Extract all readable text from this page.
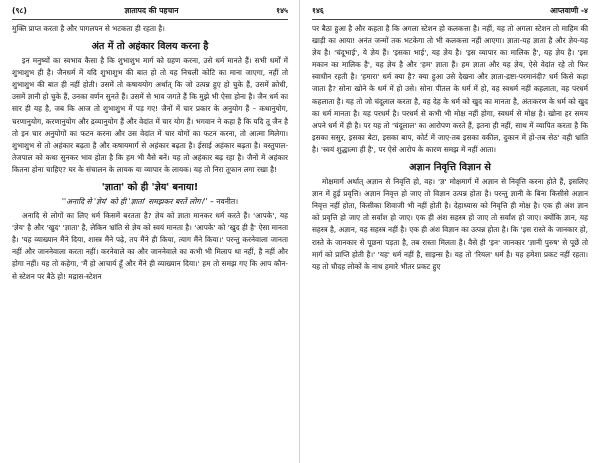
(९८)	ज्ञातापद की पहचान	१४५

मुक्ति प्राप्त करता है और पागलपन से भटकता ही रहता है।

अंत में तो अहंकार विलय करना है

इन मनुष्यों का स्वभाव कैसा है कि शुभाशुभ मार्ग को ग्रहण करना, उसे धर्म मानते हैं। सभी धर्मों में शुभाशुभ ही है। जैनधर्म में यदि शुभाशुभ की बात हो तो यह निचली कोटि का माना जाएगा, नहीं तो शुभाशुभ की बात ही नहीं होती। उसमें तो कषाययोग अर्थात् कि जो उत्पन्न हुए हो चुके हैं, उसमें क्रोधी, उसमें ज्ञानी हो चुके हैं, उनका वर्णन सुनते हैं। उसमें से भाव जगते हैं कि मुझे भी ऐसा होना है। जैन धर्म का सार ही यह है, जब कि आज तो शुभाशुभ में पड़ गए! जैनों में चार प्रकार के अनुयोग हैं – कथानुयोग, चरणानुयोग, करणानुयोग और द्रव्यानुयोग हैं और वेदांत में चार योग हैं। भगवान ने कहा है कि यदि तू जैन है तो इन चार अनुयोगों का फटन करना और उस वेदांत में चार योगों का फटन करना, तो आत्मा मिलेगा। शुभाशुभ से तो अहंकार बढ़ता है और कषायमार्ग से अहंकार बढ़ता है। ईसाई अहंकार बढ़ता है। वस्तुपाल-तेजपाल को कथा सुनकर भाव होता है कि हम भी वैसे बनें। यह तो अहंकार बढ़ रहा है। जैनों में अहंकार कितना होना चाहिए? घर के संचालन के लायक या व्यापार के लायक। यह तो निरा तूफान लगा रखा है!

'ज्ञाता' को ही 'ज्ञेय' बनाया!
''अनादि से 'ज्ञेय' को ही 'ज्ञाता' समझकर बरतें लोग।'' – नवनीत।

अनादि से लोगों का लिए धर्म किसमें बरतता है? ज्ञेय को ज्ञाता मानकर धर्म करते हैं। 'आपके', यह 'ज्ञेय' है और 'खुद' 'ज्ञाता' है, लेकिन भ्रांति से ज्ञेय को स्वयं मानता है। 'आपके' को 'खुद ही है' ऐसा मानता है। 'यह व्याख्यान मैंने दिया, शास्त्र मैंने पढ़े, तप मैंने ही किया, त्याग मैंने किया।' परन्तु करनेवाला जानता नहीं और जाननेवाला करता नहीं। करनेवाले का और जाननेवाले का कभी भी मिलाप था नहीं, है नहीं और होगा नहीं। यह तो कहेगा, 'मैं हो आचार्य हूँ और मैंने ही व्याख्यान दिया।' हम तो समझ गए कि आप कौन-से स्टेशन पर बैठे हो! मद्रास-स्टेशन

१४६	आप्तवाणी -४

पर बैठा हुआ है और कहता है कि अगला स्टेशन हो कलकत्ता है। नहीं, यह तो अगला स्टेशन तो माहिम की खाड़ी का आया! अनंत जन्मों तक भटकेगा तो भी कलकत्ता नहीं आएगा। ज्ञाता-यह ज्ञाता है और ज्ञेय-यह ज्ञेय है। 'चंदूभाई', ये ज्ञेय हैं। 'इसका भाई', यह ज्ञेय है। 'इस व्यापार का मालिक है', यह ज्ञेय है। 'इस मकान का मालिक है', यह ज्ञेय है और 'हम' ज्ञाता हैं। हम ज्ञाता और यह ज्ञेय, ऐसे वेदांत रहे तो फिर स्वाधीन रहती है। 'हमारा' धर्म क्या है? क्या हुआ उसे देखना और ज्ञाता-द्रष्टा-परमानंदी? धर्म किसे कहा जाता है? सोना खोने के धर्म में हो उसे। सोना पीतल के धर्म में हो, वह स्वधर्म नहीं कहलाता, वह परधर्म कहलाता है। यह तो जो चंदूलाल करता है, वह देह के धर्म को खुद का मानता है, अंतःकरण के धर्म को खुद का धर्म मानता है। यह परधर्म है। परधर्म से कभी भी मोक्ष नहीं होगा, स्वधर्म से मोक्ष है। खोना हर समय अपने धर्म में ही है। पर यह तो 'चंदूलाल' का आरोपण करते हैं, इतना ही नहीं, साथ में व्यापित करता है कि इसका ससुर, इसका बेटा, इसका बाप, कोर्ट में जाए-तब इसका वकील, दुकान में हो-तब सेठ' वही भ्रांति है। 'स्वयं शुद्धात्मा ही है', पर ऐसे आरोप के कारण समझ में नहीं आता।

अज्ञान निवृत्ति विज्ञान से

मोक्षमार्ग अर्थात् अज्ञान से निवृत्ति हो, वह। 'ज्ञ' मोक्षमार्ग में अज्ञान से निवृत्ति करना होते हैं, इसलिए ज्ञान में हुई प्रवृत्ति। अज्ञान निवृत्त हो जाए तो विज्ञान उत्पन्न होता है। परन्तु ज्ञानी के बिना किसीसे अज्ञान निवृत्त नहीं होता, किसीका शिवाजी भी नहीं होती है। देहाध्यास को निवृत्ति ही मोक्ष है। एक ही अंश ज्ञान को प्रवृत्ति हो जाए तो सर्वांश हो जाए। एक ही अंश सहस्त्र हो जाए तो सर्वांश हो जाए। क्योंकि ज्ञान, यह सहस्त्र है, अज्ञान, यह सहस्त्र नहीं है। एक ही अंश विज्ञान का उत्पन्न होता है। कि 'इस रास्ते के जानकार हो, रास्ते के जानकार से पूछना पड़ता है, तब रास्ता मिलता है। वैसे ही 'इन' जानकार 'ज्ञानी पुरुष' से पूछें तो मार्ग को प्राप्ति होती है।' 'यह' धर्म नहीं है, साइन्स है। यह तो 'रियल' धर्म है। यह हमेशा प्रकट नहीं रहता। यह तो चौदह लोकों के नाथ हमारे भीतर प्रकट हुए
